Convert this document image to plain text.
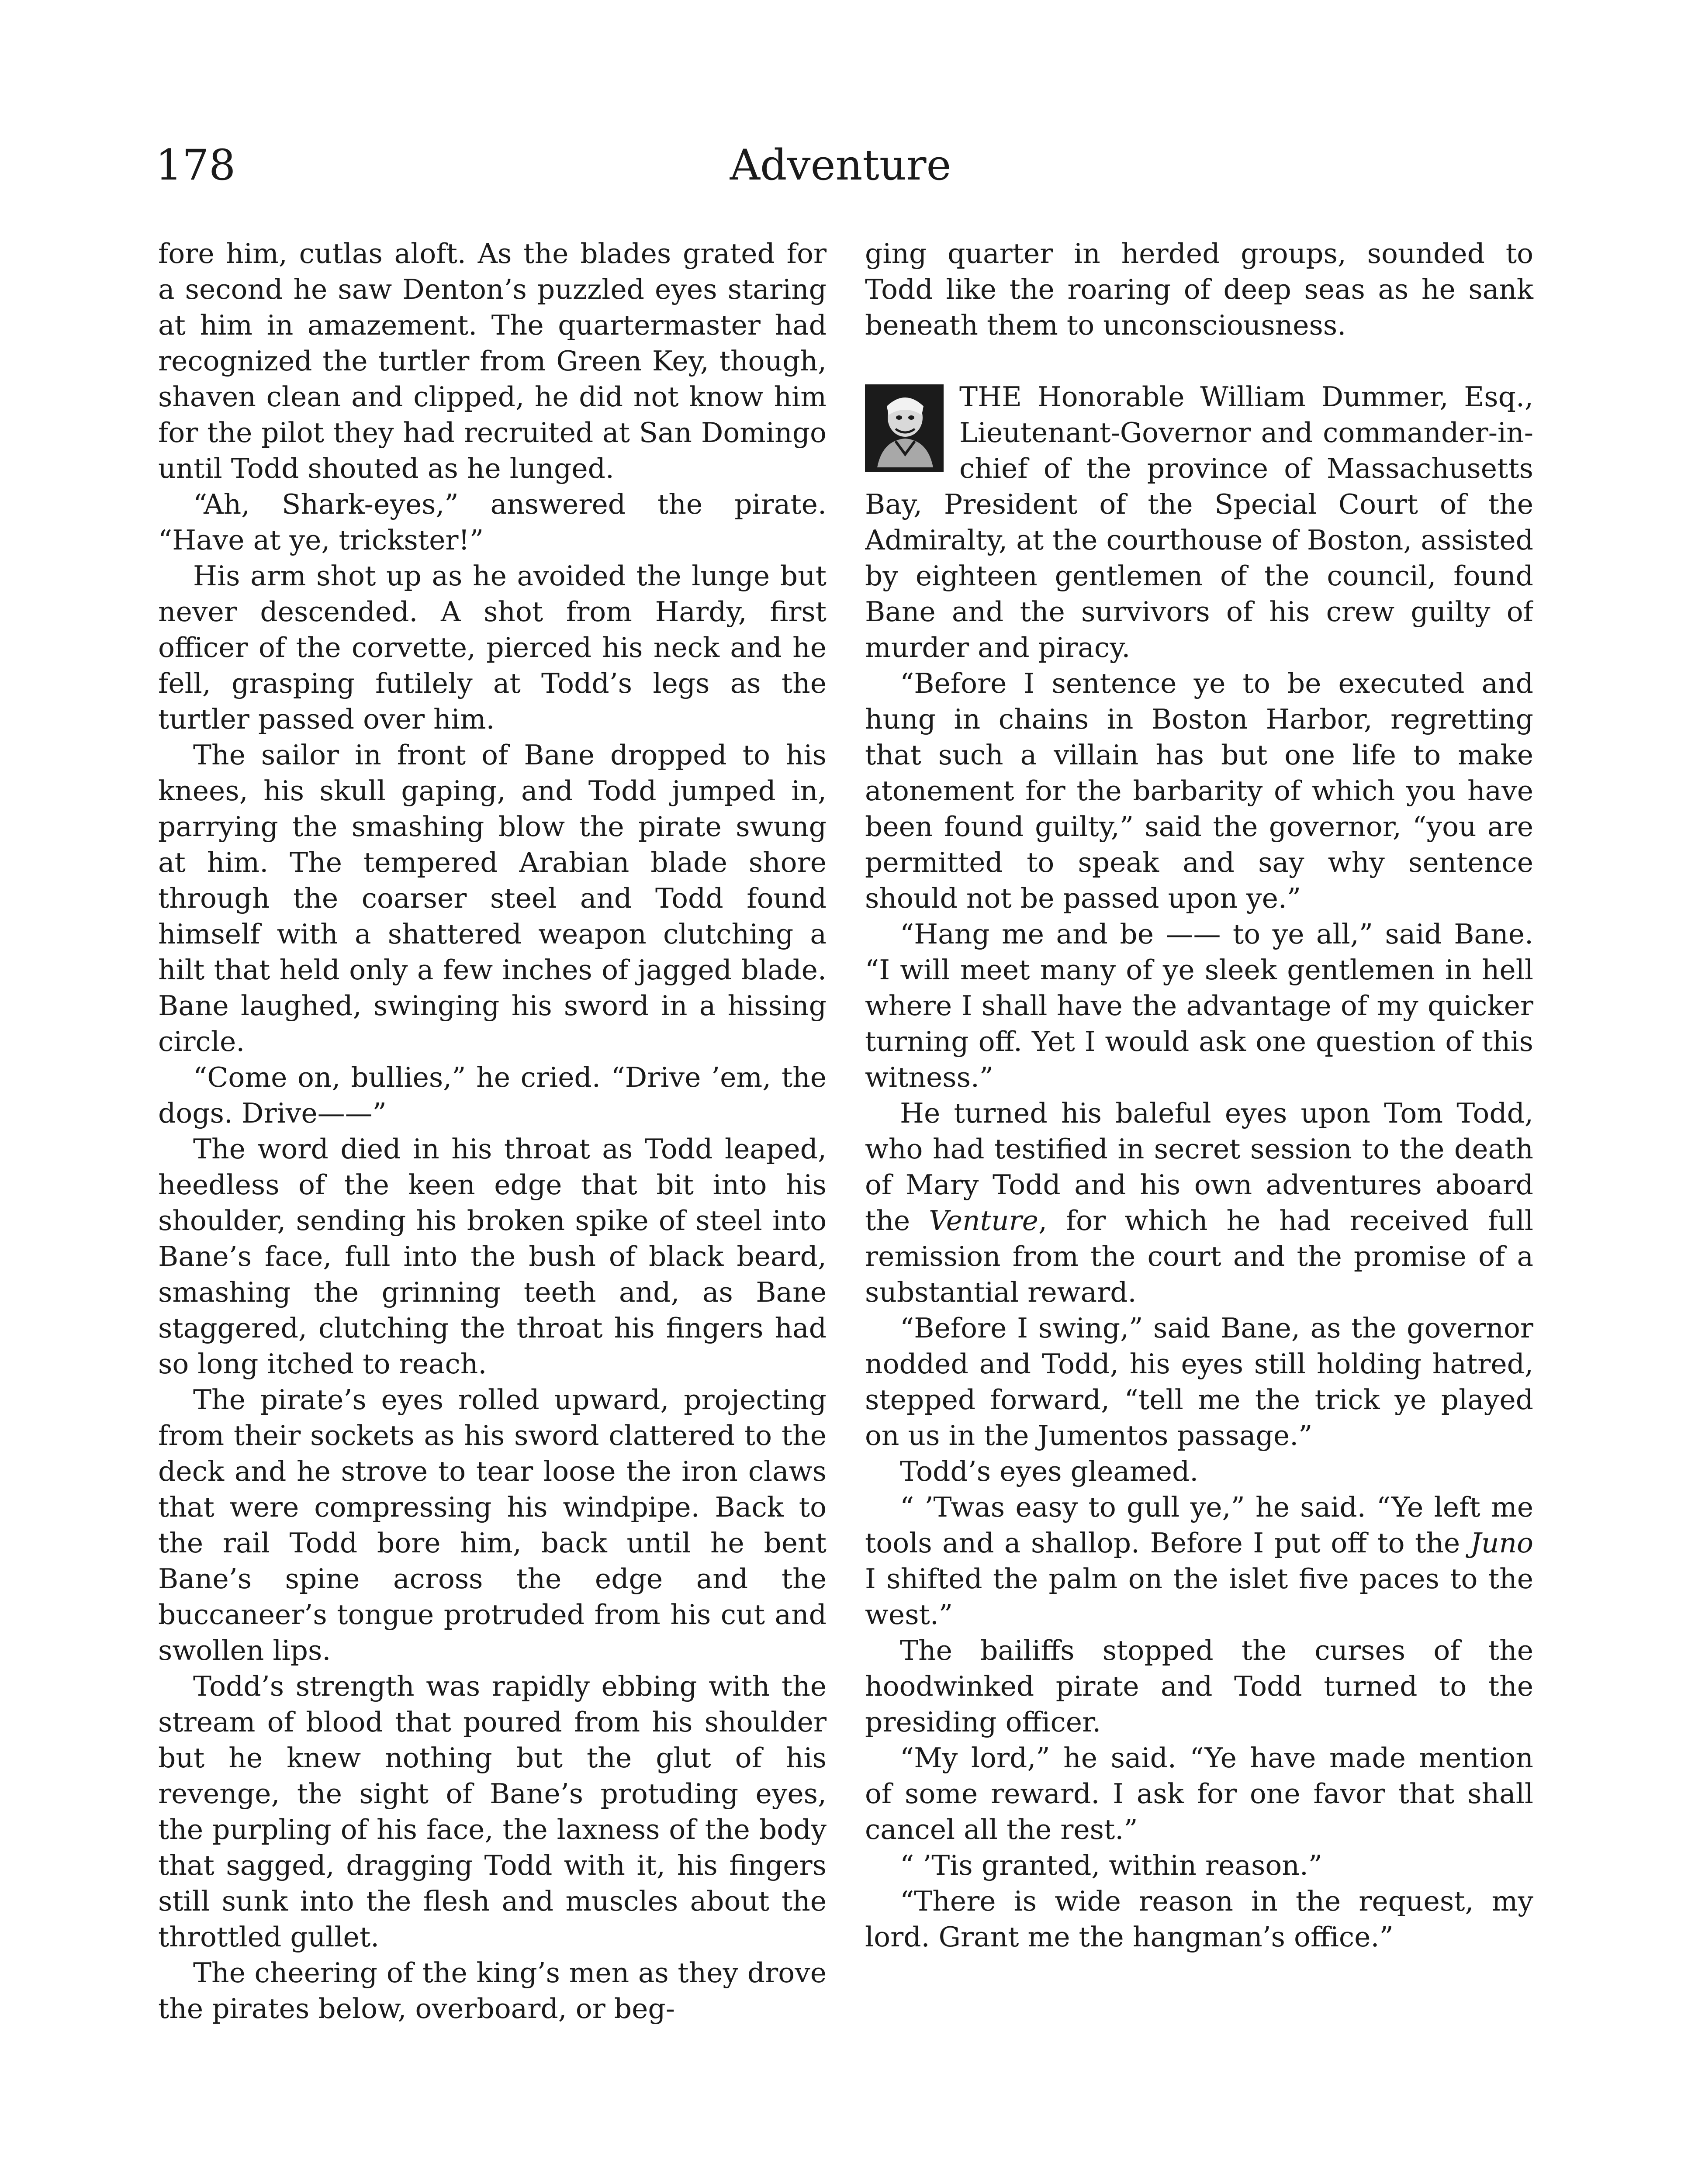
178	Adventure

fore him, cutlas aloft. As the blades grated for a second he saw Denton’s puzzled eyes staring at him in amazement. The quartermaster had recognized the turtler from Green Key, though, shaven clean and clipped, he did not know him for the pilot they had recruited at San Domingo until Todd shouted as he lunged.

“Ah, Shark-eyes,” answered the pirate. “Have at ye, trickster!”

His arm shot up as he avoided the lunge but never descended. A shot from Hardy, first officer of the corvette, pierced his neck and he fell, grasping futilely at Todd’s legs as the turtler passed over him.

The sailor in front of Bane dropped to his knees, his skull gaping, and Todd jumped in, parrying the smashing blow the pirate swung at him. The tempered Arabian blade shore through the coarser steel and Todd found himself with a shattered weapon clutching a hilt that held only a few inches of jagged blade. Bane laughed, swinging his sword in a hissing circle.

“Come on, bullies,” he cried. “Drive ’em, the dogs. Drive——”

The word died in his throat as Todd leaped, heedless of the keen edge that bit into his shoulder, sending his broken spike of steel into Bane’s face, full into the bush of black beard, smashing the grinning teeth and, as Bane staggered, clutching the throat his fingers had so long itched to reach.

The pirate’s eyes rolled upward, projecting from their sockets as his sword clattered to the deck and he strove to tear loose the iron claws that were compressing his windpipe. Back to the rail Todd bore him, back until he bent Bane’s spine across the edge and the buccaneer’s tongue protruded from his cut and swollen lips.

Todd’s strength was rapidly ebbing with the stream of blood that poured from his shoulder but he knew nothing but the glut of his revenge, the sight of Bane’s protuding eyes, the purpling of his face, the laxness of the body that sagged, dragging Todd with it, his fingers still sunk into the flesh and muscles about the throttled gullet.

The cheering of the king’s men as they drove the pirates below, overboard, or beg-

ging quarter in herded groups, sounded to Todd like the roaring of deep seas as he sank beneath them to unconsciousness.

THE Honorable William Dummer, Esq., Lieutenant-Governor and commander-in-chief of the province of Massachusetts Bay, President of the Special Court of the Admiralty, at the courthouse of Boston, assisted by eighteen gentlemen of the council, found Bane and the survivors of his crew guilty of murder and piracy.

“Before I sentence ye to be executed and hung in chains in Boston Harbor, regretting that such a villain has but one life to make atonement for the barbarity of which you have been found guilty,” said the governor, “you are permitted to speak and say why sentence should not be passed upon ye.”

“Hang me and be —— to ye all,” said Bane. “I will meet many of ye sleek gentlemen in hell where I shall have the advantage of my quicker turning off. Yet I would ask one question of this witness.”

He turned his baleful eyes upon Tom Todd, who had testified in secret session to the death of Mary Todd and his own adventures aboard the Venture, for which he had received full remission from the court and the promise of a substantial reward.

“Before I swing,” said Bane, as the governor nodded and Todd, his eyes still holding hatred, stepped forward, “tell me the trick ye played on us in the Jumentos passage.”

Todd’s eyes gleamed.

“ ’Twas easy to gull ye,” he said. “Ye left me tools and a shallop. Before I put off to the Juno I shifted the palm on the islet five paces to the west.”

The bailiffs stopped the curses of the hoodwinked pirate and Todd turned to the presiding officer.

“My lord,” he said. “Ye have made mention of some reward. I ask for one favor that shall cancel all the rest.”

“ ’Tis granted, within reason.”

“There is wide reason in the request, my lord. Grant me the hangman’s office.”
